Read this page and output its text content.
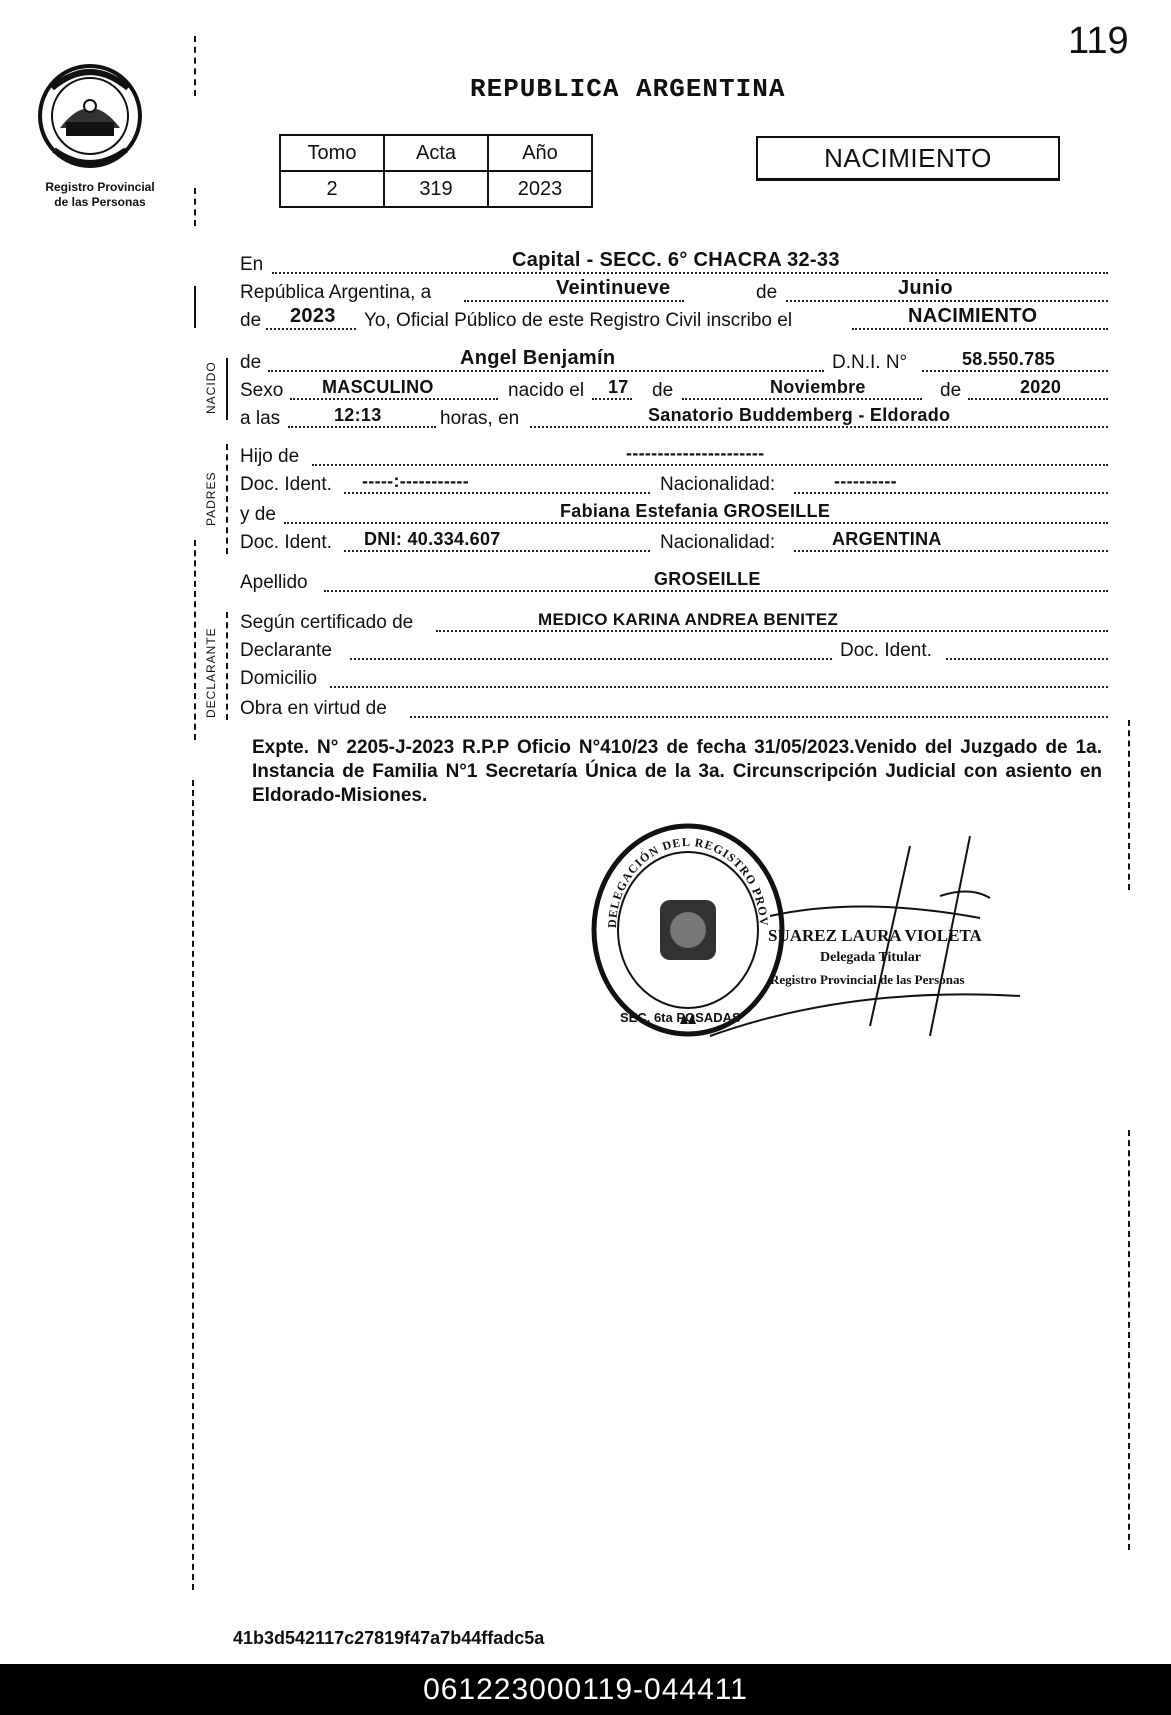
119
Registro Provincial
de las Personas
REPUBLICA ARGENTINA
Tomo	Acta	Año
2	319	2023
NACIMIENTO
En	Capital - SECC. 6° CHACRA 32-33
República Argentina, a	Veintinueve	de	Junio
de 2023 Yo, Oficial Público de este Registro Civil inscribo el	NACIMIENTO
de	Angel Benjamín	D.N.I. N°	58.550.785
Sexo MASCULINO	nacido el 17 de	Noviembre	de	2020
a las	12:13	horas, en	Sanatorio Buddemberg - Eldorado
Hijo de	----------------------
Doc. Ident. -----:-----------	Nacionalidad:	----------
y de	Fabiana Estefania GROSEILLE
Doc. Ident. DNI: 40.334.607	Nacionalidad:	ARGENTINA
Apellido	GROSEILLE
Según certificado de	MEDICO KARINA ANDREA BENITEZ
Declarante	Doc. Ident.
Domicilio
Obra en virtud de
NACIDO
PADRES
DECLARANTE
Expte. N° 2205-J-2023 R.P.P Oficio N°410/23 de fecha 31/05/2023.Venido del Juzgado de 1a. Instancia de Familia N°1 Secretaría Única de la 3a. Circunscripción Judicial con asiento en Eldorado-Misiones.
DELEGACIÓN DEL REGISTRO PROV
SEC. 6ta POSADAS
SUAREZ LAURA VIOLETA
Delegada Titular
Registro Provincial de las Personas
41b3d542117c27819f47a7b44ffadc5a
061223000119-044411
